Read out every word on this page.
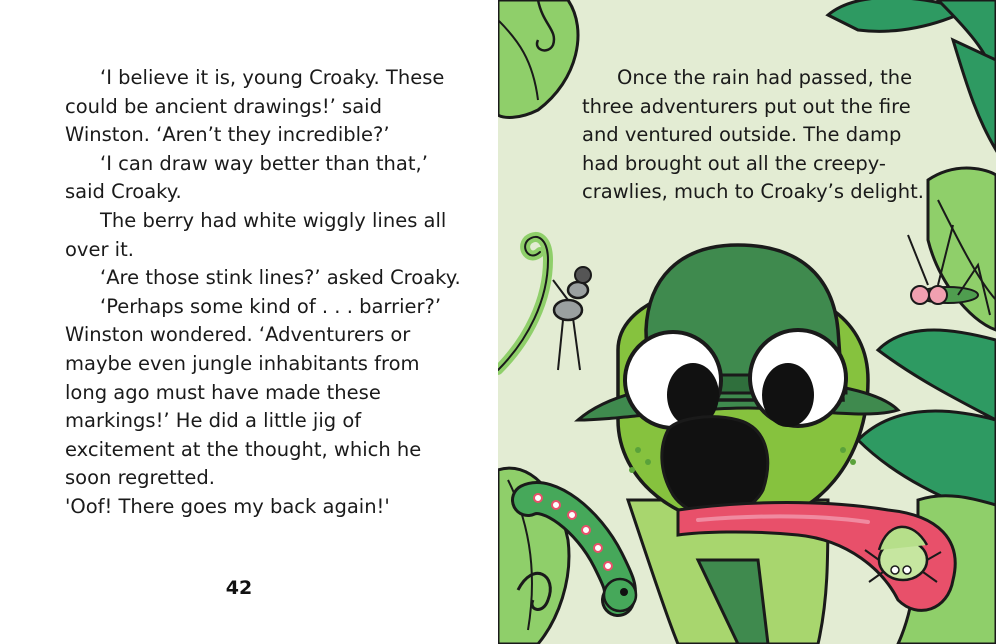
‘I believe it is, young Croaky. These could be ancient drawings!’ said Winston. ‘Aren’t they incredible?’

‘I can draw way better than that,’ said Croaky.

The berry had white wiggly lines all over it.

‘Are those stink lines?’ asked Croaky.

‘Perhaps some kind of . . . barrier?’ Winston wondered. ‘Adventurers or maybe even jungle inhabitants from long ago must have made these markings!’ He did a little jig of excitement at the thought, which he soon regretted.

'Oof! There goes my back again!'

42

Once the rain had passed, the three adventurers put out the fire and ventured outside. The damp had brought out all the creepy-crawlies, much to Croaky’s delight.
